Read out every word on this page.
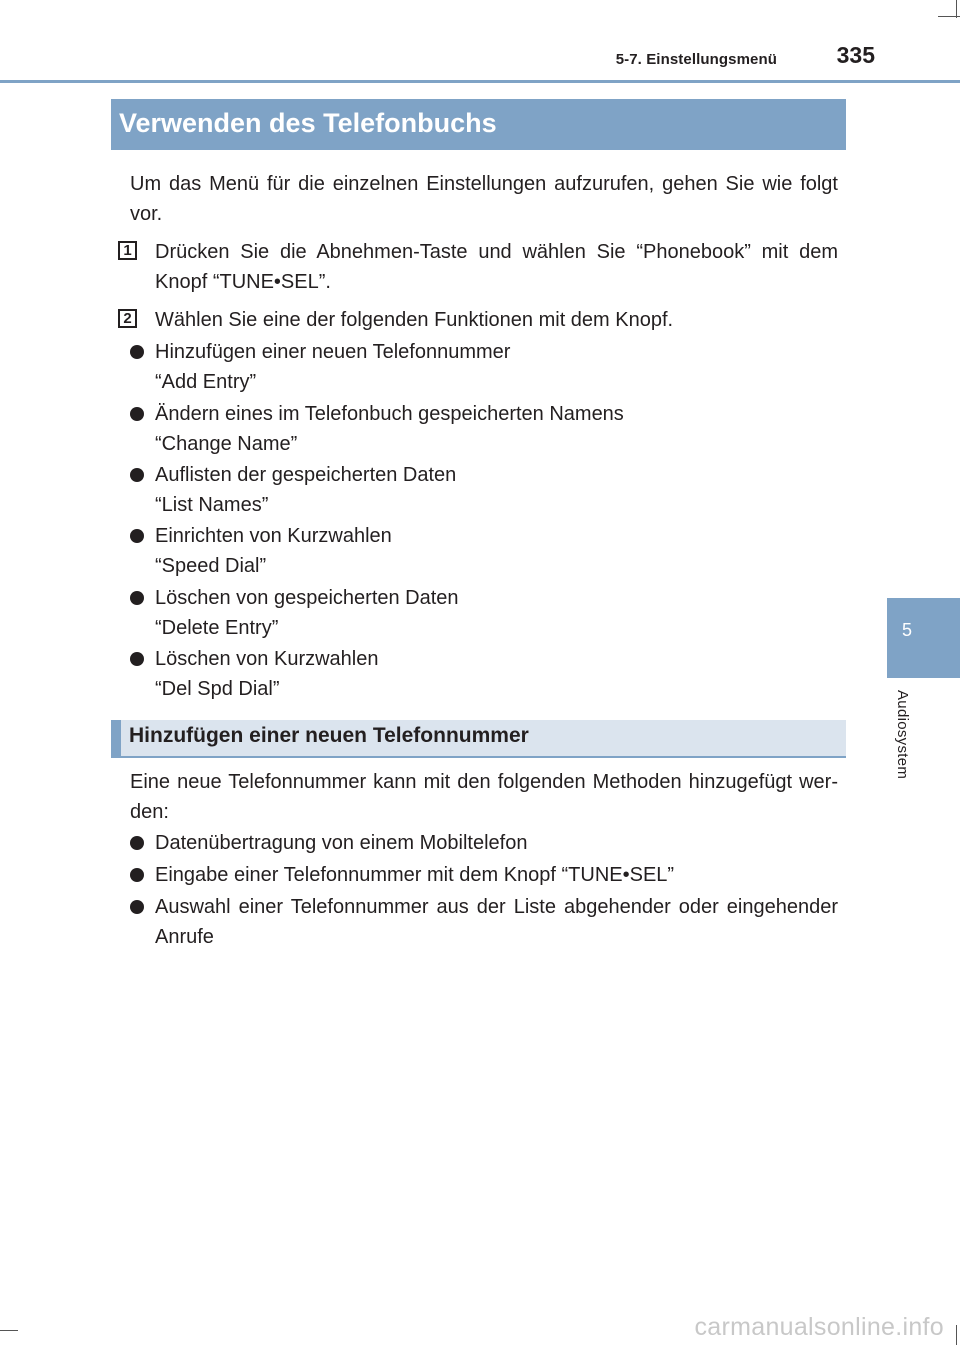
5-7. Einstellungsmenü	335
5
Audiosystem
Verwenden des Telefonbuchs

Um das Menü für die einzelnen Einstellungen aufzurufen, gehen Sie wie folgt vor.

1 Drücken Sie die Abnehmen-Taste und wählen Sie “Phonebook” mit dem Knopf “TUNE•SEL”.

2 Wählen Sie eine der folgenden Funktionen mit dem Knopf.

Hinzufügen einer neuen Telefonnummer

“Add Entry”

Ändern eines im Telefonbuch gespeicherten Namens

“Change Name”

Auflisten der gespeicherten Daten

“List Names”

Einrichten von Kurzwahlen

“Speed Dial”

Löschen von gespeicherten Daten

“Delete Entry”

Löschen von Kurzwahlen

“Del Spd Dial”

Hinzufügen einer neuen Telefonnummer

Eine neue Telefonnummer kann mit den folgenden Methoden hinzugefügt wer- den:

Datenübertragung von einem Mobiltelefon

Eingabe einer Telefonnummer mit dem Knopf “TUNE•SEL”

Auswahl einer Telefonnummer aus der Liste abgehender oder eingehender Anrufe

carmanualsonline.info
